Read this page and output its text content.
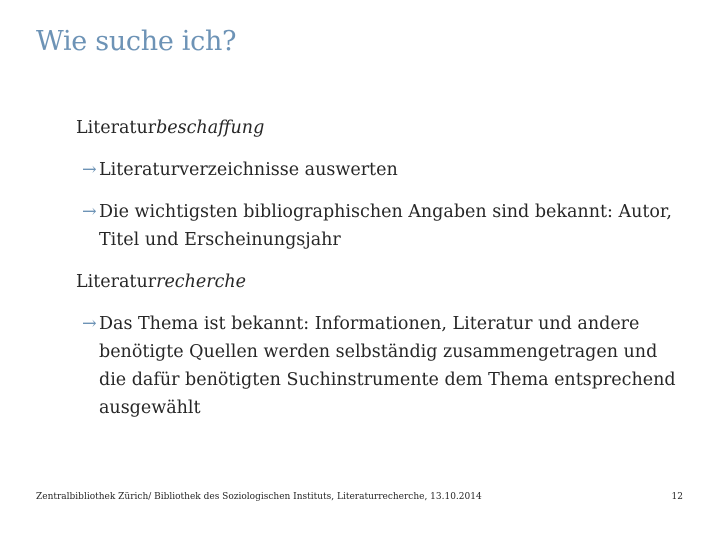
Wie suche ich?

Literaturbeschaffung

→ Literaturverzeichnisse auswerten

→ Die wichtigsten bibliographischen Angaben sind bekannt: Autor, Titel und Erscheinungsjahr

Literaturrecherche

→ Das Thema ist bekannt: Informationen, Literatur und andere benötigte Quellen werden selbständig zusammengetragen und die dafür benötigten Suchinstrumente dem Thema entsprechend ausgewählt

Zentralbibliothek Zürich/ Bibliothek des Soziologischen Instituts, Literaturrecherche, 13.10.2014	12
